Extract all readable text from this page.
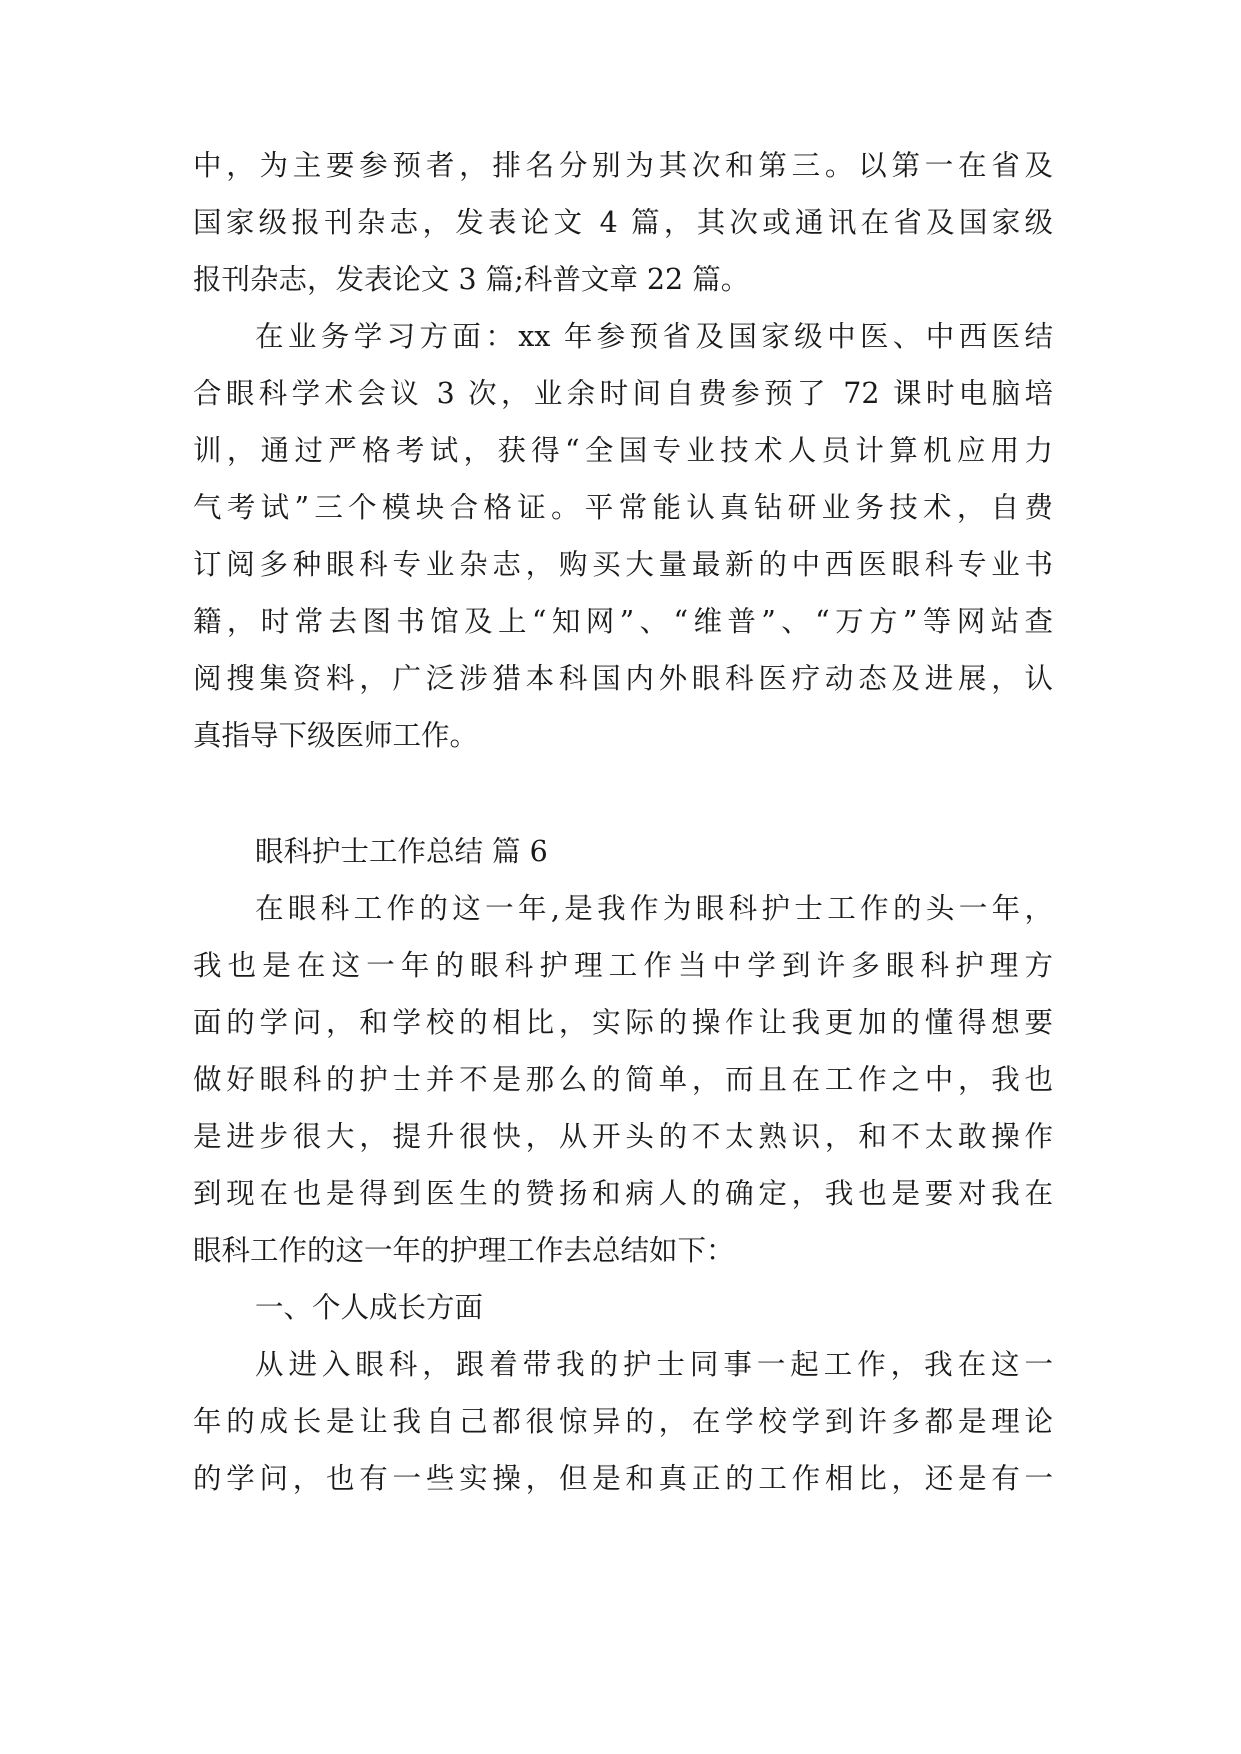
中，为主要参预者，排名分别为其次和第三。以第一在省及
国家级报刊杂志，发表论文 4 篇，其次或通讯在省及国家级
报刊杂志，发表论文 3 篇;科普文章 22 篇。
在业务学习方面：xx 年参预省及国家级中医、中西医结
合眼科学术会议 3 次，业余时间自费参预了 72 课时电脑培
训，通过严格考试，获得“全国专业技术人员计算机应用力
气考试”三个模块合格证。平常能认真钻研业务技术，自费
订阅多种眼科专业杂志，购买大量最新的中西医眼科专业书
籍，时常去图书馆及上“知网”、“维普”、“万方”等网站查
阅搜集资料，广泛涉猎本科国内外眼科医疗动态及进展，认
真指导下级医师工作。
眼科护士工作总结 篇 6
在眼科工作的这一年,是我作为眼科护士工作的头一年，
我也是在这一年的眼科护理工作当中学到许多眼科护理方
面的学问，和学校的相比，实际的操作让我更加的懂得想要
做好眼科的护士并不是那么的简单，而且在工作之中，我也
是进步很大，提升很快，从开头的不太熟识，和不太敢操作
到现在也是得到医生的赞扬和病人的确定，我也是要对我在
眼科工作的这一年的护理工作去总结如下：
一、个人成长方面
从进入眼科，跟着带我的护士同事一起工作，我在这一
年的成长是让我自己都很惊异的，在学校学到许多都是理论
的学问，也有一些实操，但是和真正的工作相比，还是有一
